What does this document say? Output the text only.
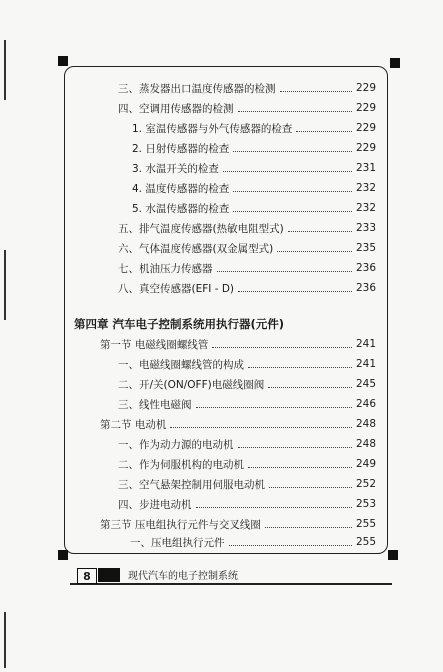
三、蒸发器出口温度传感器的检测	229
四、空调用传感器的检测	229
1. 室温传感器与外气传感器的检查	229
2. 日射传感器的检查	229
3. 水温开关的检查	231
4. 温度传感器的检查	232
5. 水温传感器的检查	232
五、排气温度传感器(热敏电阻型式)	233
六、气体温度传感器(双金属型式)	235
七、机油压力传感器	236
八、真空传感器(EFI - D)	236
第四章 汽车电子控制系统用执行器(元件)
第一节 电磁线圈螺线管	241
一、电磁线圈螺线管的构成	241
二、开/关(ON/OFF)电磁线圈阀	245
三、线性电磁阀	246
第二节 电动机	248
一、作为动力源的电动机	248
二、作为伺服机构的电动机	249
三、空气悬架控制用伺服电动机	252
四、步进电动机	253
第三节 压电组执行元件与交叉线圈	255
一、压电组执行元件	255
8	现代汽车的电子控制系统
